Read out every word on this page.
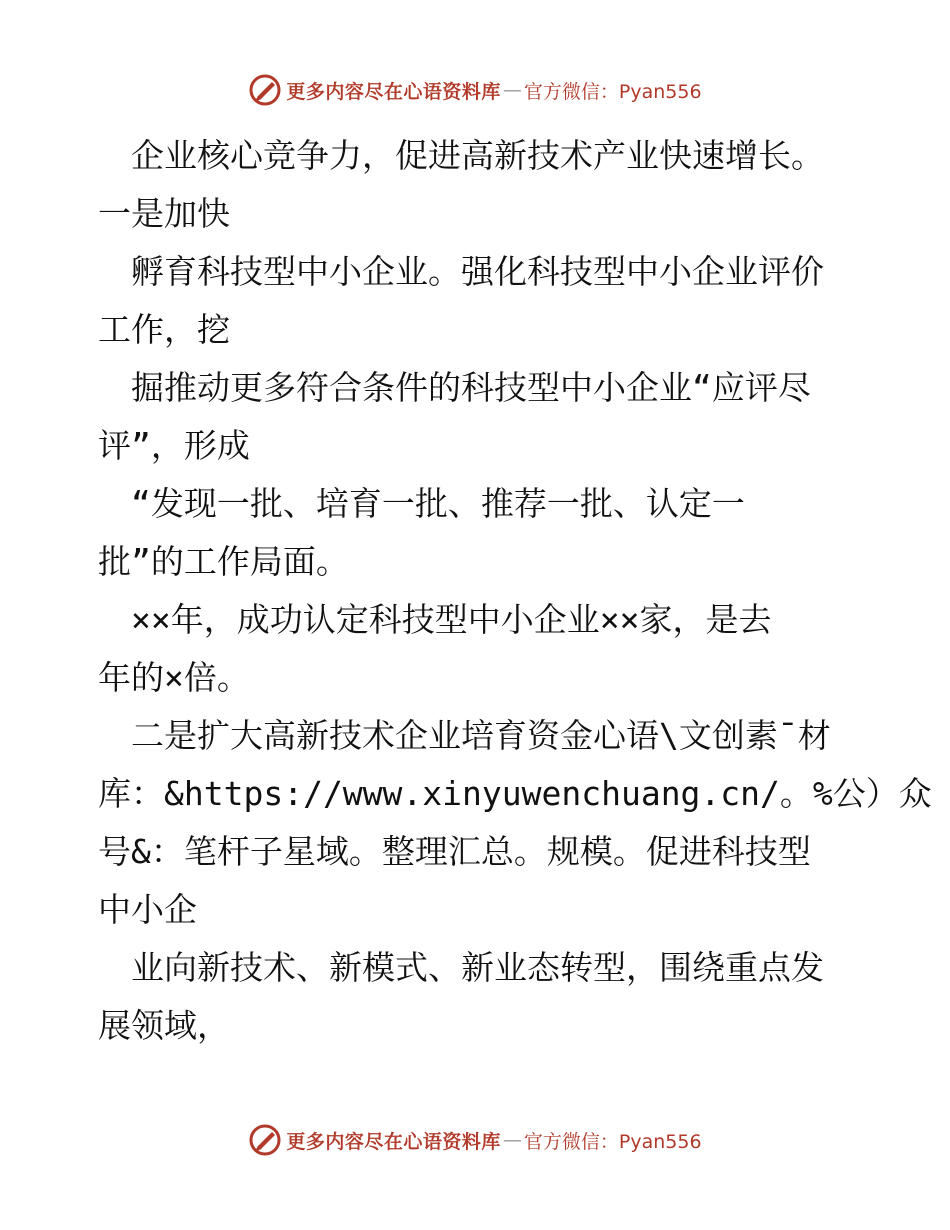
更多内容尽在心语资料库 — 官方微信：Pyan556
　企业核心竞争力，促进高新技术产业快速增长。
一是加快
　孵育科技型中小企业。强化科技型中小企业评价
工作，挖
　掘推动更多符合条件的科技型中小企业“应评尽
评”，形成
　“发现一批、培育一批、推荐一批、认定一
批”的工作局面。
　××年，成功认定科技型中小企业××家，是去
年的×倍。
　二是扩大高新技术企业培育资金心语\文创素¯材
库：&https://www.xinyuwenchuang.cn/。%公）众
号&：笔杆子星域。整理汇总。规模。促进科技型
中小企
　业向新技术、新模式、新业态转型，围绕重点发
展领域，
更多内容尽在心语资料库 — 官方微信：Pyan556
